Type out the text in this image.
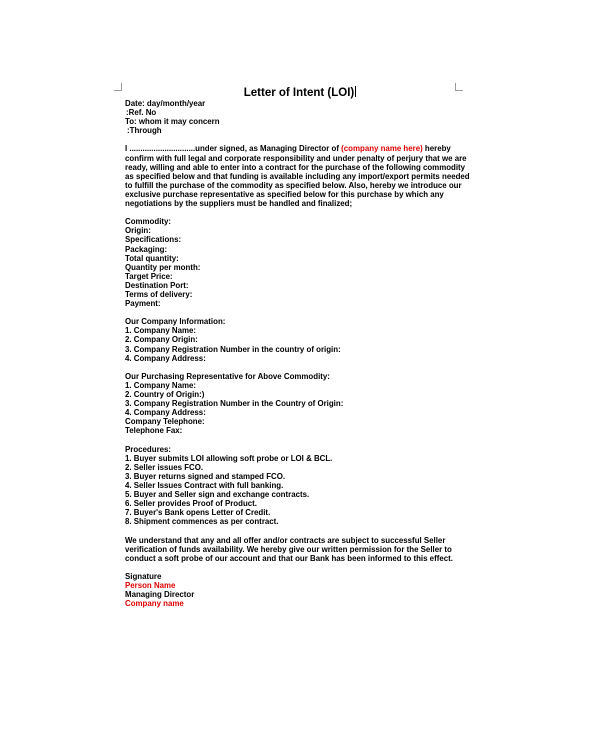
Letter of Intent (LOI)
Date: day/month/year
:Ref. No
To: whom it may concern
:Through
I ..............................under signed, as Managing Director of (company name here) hereby confirm with full legal and corporate responsibility and under penalty of perjury that we are ready, willing and able to enter into a contract for the purchase of the following commodity as specified below and that funding is available including any import/export permits needed to fulfill the purchase of the commodity as specified below. Also, hereby we introduce our exclusive purchase representative as specified below for this purchase by which any negotiations by the suppliers must be handled and finalized;
Commodity:
Origin:
Specifications:
Packaging:
Total quantity:
Quantity per month:
Target Price:
Destination Port:
Terms of delivery:
Payment:
Our Company Information:
1. Company Name:
2. Company Origin:
3. Company Registration Number in the country of origin:
4. Company Address:
Our Purchasing Representative for Above Commodity:
1. Company Name:
2. Country of Origin:)
3. Company Registration Number in the Country of Origin:
4. Company Address:
Company Telephone:
Telephone Fax:
Procedures:
1. Buyer submits LOI allowing soft probe or LOI & BCL.
2. Seller issues FCO.
3. Buyer returns signed and stamped FCO.
4. Seller Issues Contract with full banking.
5. Buyer and Seller sign and exchange contracts.
6. Seller provides Proof of Product.
7. Buyer's Bank opens Letter of Credit.
8. Shipment commences as per contract.
We understand that any and all offer and/or contracts are subject to successful Seller verification of funds availability. We hereby give our written permission for the Seller to conduct a soft probe of our account and that our Bank has been informed to this effect.
Signature
Person Name
Managing Director
Company name
